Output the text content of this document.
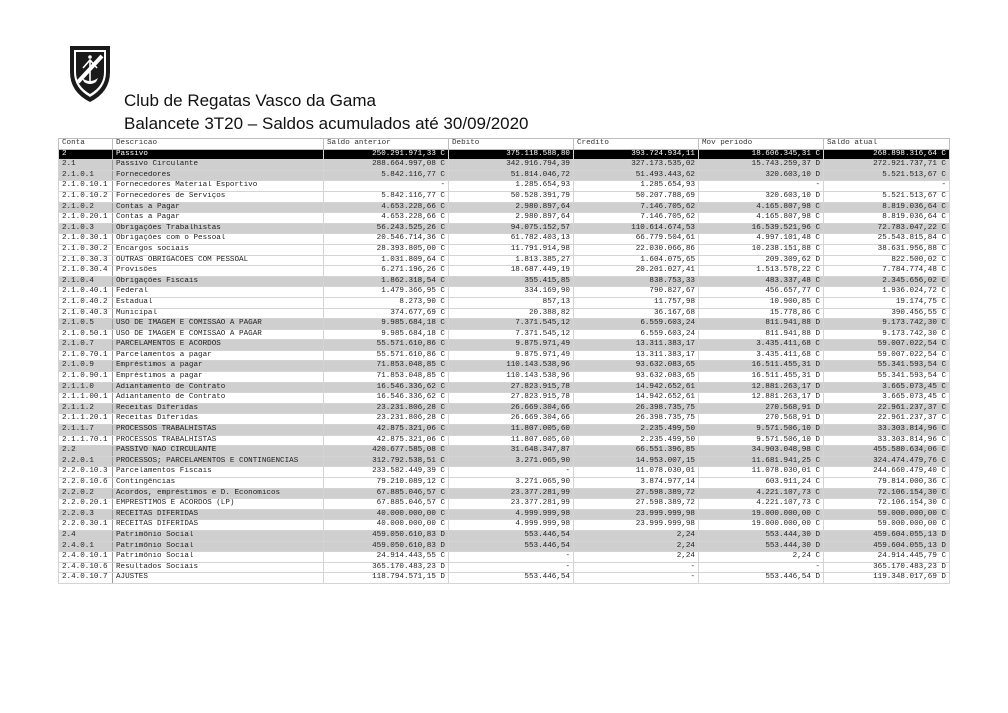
Club de Regatas Vasco da Gama
Balancete 3T20 – Saldos acumulados até 30/09/2020
Conta	Descricao	Saldo anterior	Debito	Credito	Mov periodo	Saldo atual
2	Passivo	250.291.971,33 C	375.118.588,80	393.724.934,11	18.606.345,31 C	268.898.316,64 C
2.1	Passivo Circulante	288.664.997,08 C	342.916.794,39	327.173.535,02	15.743.259,37 D	272.921.737,71 C
2.1.0.1	Fornecedores	5.842.116,77 C	51.814.046,72	51.493.443,62	320.603,10 D	5.521.513,67 C
2.1.0.10.1	Fornecedores Material Esportivo	-	1.285.654,93	1.285.654,93	-	-
2.1.0.10.2	Fornecedores de Serviços	5.842.116,77 C	50.528.391,79	50.207.788,69	320.603,10 D	5.521.513,67 C
2.1.0.2	Contas a Pagar	4.653.228,66 C	2.980.897,64	7.146.705,62	4.165.807,98 C	8.819.036,64 C
2.1.0.20.1	Contas a Pagar	4.653.228,66 C	2.980.897,64	7.146.705,62	4.165.807,98 C	8.819.036,64 C
2.1.0.3	Obrigações Trabalhistas	56.243.525,26 C	94.075.152,57	110.614.674,53	16.539.521,96 C	72.783.047,22 C
2.1.0.30.1	Obrigações com o Pessoal	20.546.714,36 C	61.782.403,13	66.779.504,61	4.997.101,48 C	25.543.815,84 C
2.1.0.30.2	Encargos sociais	28.393.805,00 C	11.791.914,98	22.030.066,86	10.238.151,88 C	38.631.956,88 C
2.1.0.30.3	OUTRAS OBRIGACOES COM PESSOAL	1.031.809,64 C	1.813.385,27	1.604.075,65	209.309,62 D	822.500,02 C
2.1.0.30.4	Provisões	6.271.196,26 C	18.687.449,19	20.201.027,41	1.513.578,22 C	7.784.774,48 C
2.1.0.4	Obrigações Fiscais	1.862.318,54 C	355.415,85	838.753,33	483.337,48 C	2.345.656,02 C
2.1.0.40.1	Federal	1.479.366,95 C	334.169,90	790.827,67	456.657,77 C	1.936.024,72 C
2.1.0.40.2	Estadual	8.273,90 C	857,13	11.757,98	10.900,85 C	19.174,75 C
2.1.0.40.3	Municipal	374.677,69 C	20.388,82	36.167,68	15.778,86 C	390.456,55 C
2.1.0.5	USO DE IMAGEM E COMISSAO A PAGAR	9.985.684,18 C	7.371.545,12	6.559.603,24	811.941,88 D	9.173.742,30 C
2.1.0.50.1	USO DE IMAGEM E COMISSAO A PAGAR	9.985.684,18 C	7.371.545,12	6.559.603,24	811.941,88 D	9.173.742,30 C
2.1.0.7	PARCELAMENTOS E ACORDOS	55.571.610,86 C	9.875.971,49	13.311.383,17	3.435.411,68 C	59.007.022,54 C
2.1.0.70.1	Parcelamentos a pagar	55.571.610,86 C	9.875.971,49	13.311.383,17	3.435.411,68 C	59.007.022,54 C
2.1.0.9	Empréstimos a pagar	71.853.048,85 C	110.143.538,96	93.632.083,65	16.511.455,31 D	55.341.593,54 C
2.1.0.90.1	Empréstimos a pagar	71.853.048,85 C	110.143.538,96	93.632.083,65	16.511.455,31 D	55.341.593,54 C
2.1.1.0	Adiantamento de Contrato	16.546.336,62 C	27.823.915,78	14.942.652,61	12.881.263,17 D	3.665.073,45 C
2.1.1.00.1	Adiantamento de Contrato	16.546.336,62 C	27.823.915,78	14.942.652,61	12.881.263,17 D	3.665.073,45 C
2.1.1.2	Receitas Diferidas	23.231.806,28 C	26.669.304,66	26.398.735,75	270.568,91 D	22.961.237,37 C
2.1.1.20.1	Receitas Diferidas	23.231.806,28 C	26.669.304,66	26.398.735,75	270.568,91 D	22.961.237,37 C
2.1.1.7	PROCESSOS TRABALHISTAS	42.875.321,06 C	11.807.005,60	2.235.499,50	9.571.506,10 D	33.303.814,96 C
2.1.1.70.1	PROCESSOS TRABALHISTAS	42.875.321,06 C	11.807.005,60	2.235.499,50	9.571.506,10 D	33.303.814,96 C
2.2	PASSIVO NÃO CIRCULANTE	420.677.585,08 C	31.648.347,87	66.551.396,85	34.903.048,98 C	455.580.634,06 C
2.2.0.1	PROCESSOS; PARCELAMENTOS E CONTINGENCIAS	312.792.538,51 C	3.271.065,90	14.953.007,15	11.681.941,25 C	324.474.479,76 C
2.2.0.10.3	Parcelamentos Fiscais	233.582.449,39 C	-	11.078.030,01	11.078.030,01 C	244.660.479,40 C
2.2.0.10.6	Contingências	79.210.089,12 C	3.271.065,90	3.874.977,14	603.911,24 C	79.814.000,36 C
2.2.0.2	Acordos, empréstimos e D. Economicos	67.885.046,57 C	23.377.281,99	27.598.389,72	4.221.107,73 C	72.106.154,30 C
2.2.0.20.1	EMPRESTIMOS E ACORDOS (LP)	67.885.046,57 C	23.377.281,99	27.598.389,72	4.221.107,73 C	72.106.154,30 C
2.2.0.3	RECEITAS DIFERIDAS	40.000.000,00 C	4.999.999,98	23.999.999,98	19.000.000,00 C	59.000.000,00 C
2.2.0.30.1	RECEITAS DIFERIDAS	40.000.000,00 C	4.999.999,98	23.999.999,98	19.000.000,00 C	59.000.000,00 C
2.4	Patrimônio Social	459.050.610,83 D	553.446,54	2,24	553.444,30 D	459.604.055,13 D
2.4.0.1	Patrimônio Social	459.050.610,83 D	553.446,54	2,24	553.444,30 D	459.604.055,13 D
2.4.0.10.1	Patrimônio Social	24.914.443,55 C	-	2,24	2,24 C	24.914.445,79 C
2.4.0.10.6	Resultados Sociais	365.170.483,23 D	-	-	-	365.170.483,23 D
2.4.0.10.7	AJUSTES	118.794.571,15 D	553.446,54	-	553.446,54 D	119.348.017,69 D
